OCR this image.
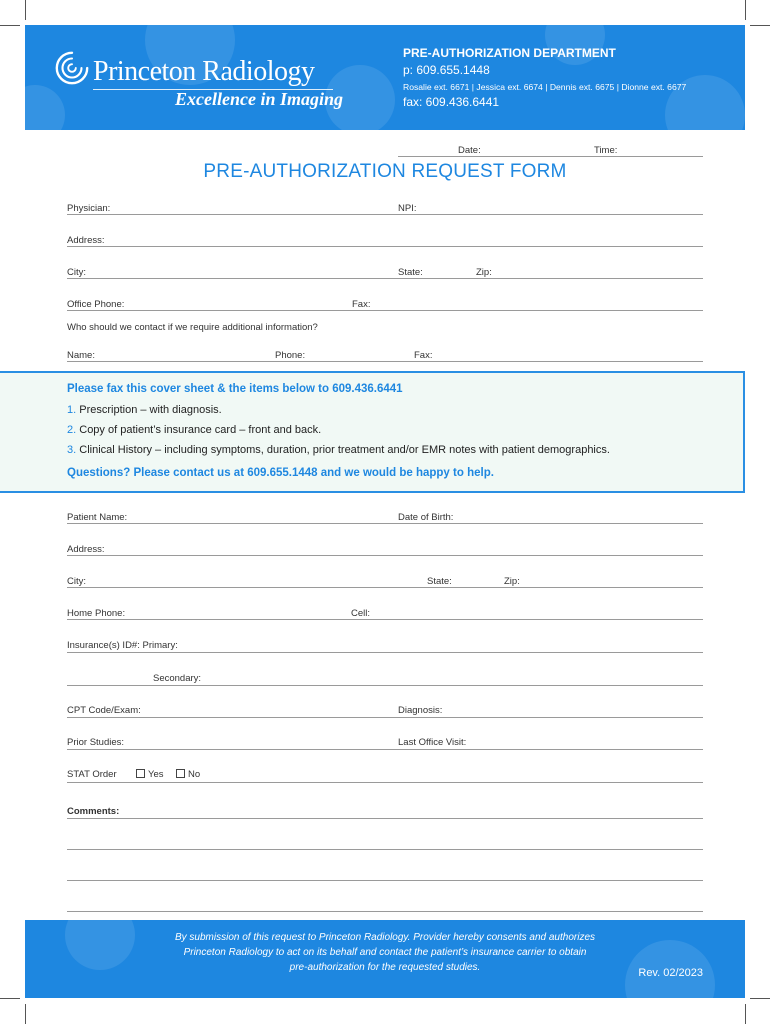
Princeton Radiology
Excellence in Imaging
PRE-AUTHORIZATION DEPARTMENT
p: 609.655.1448
Rosalie ext. 6671 | Jessica ext. 6674 | Dennis ext. 6675 | Dionne ext. 6677
fax: 609.436.6441
Date:	Time:
PRE-AUTHORIZATION REQUEST FORM
Physician:	NPI:
Address:
City:	State:	Zip:
Office Phone:	Fax:
Who should we contact if we require additional information?
Name:	Phone:	Fax:
Please fax this cover sheet & the items below to 609.436.6441
1. Prescription – with diagnosis.
2. Copy of patient’s insurance card – front and back.
3. Clinical History – including symptoms, duration, prior treatment and/or EMR notes with patient demographics.
Questions? Please contact us at 609.655.1448 and we would be happy to help.
Patient Name:	Date of Birth:
Address:
City:	State:	Zip:
Home Phone:	Cell:
Insurance(s) ID#: Primary:
Secondary:
CPT Code/Exam:	Diagnosis:
Prior Studies:	Last Office Visit:
STAT Order	Yes	No
Comments:
By submission of this request to Princeton Radiology. Provider hereby consents and authorizes
Princeton Radiology to act on its behalf and contact the patient’s insurance carrier to obtain
pre-authorization for the requested studies.	Rev. 02/2023
